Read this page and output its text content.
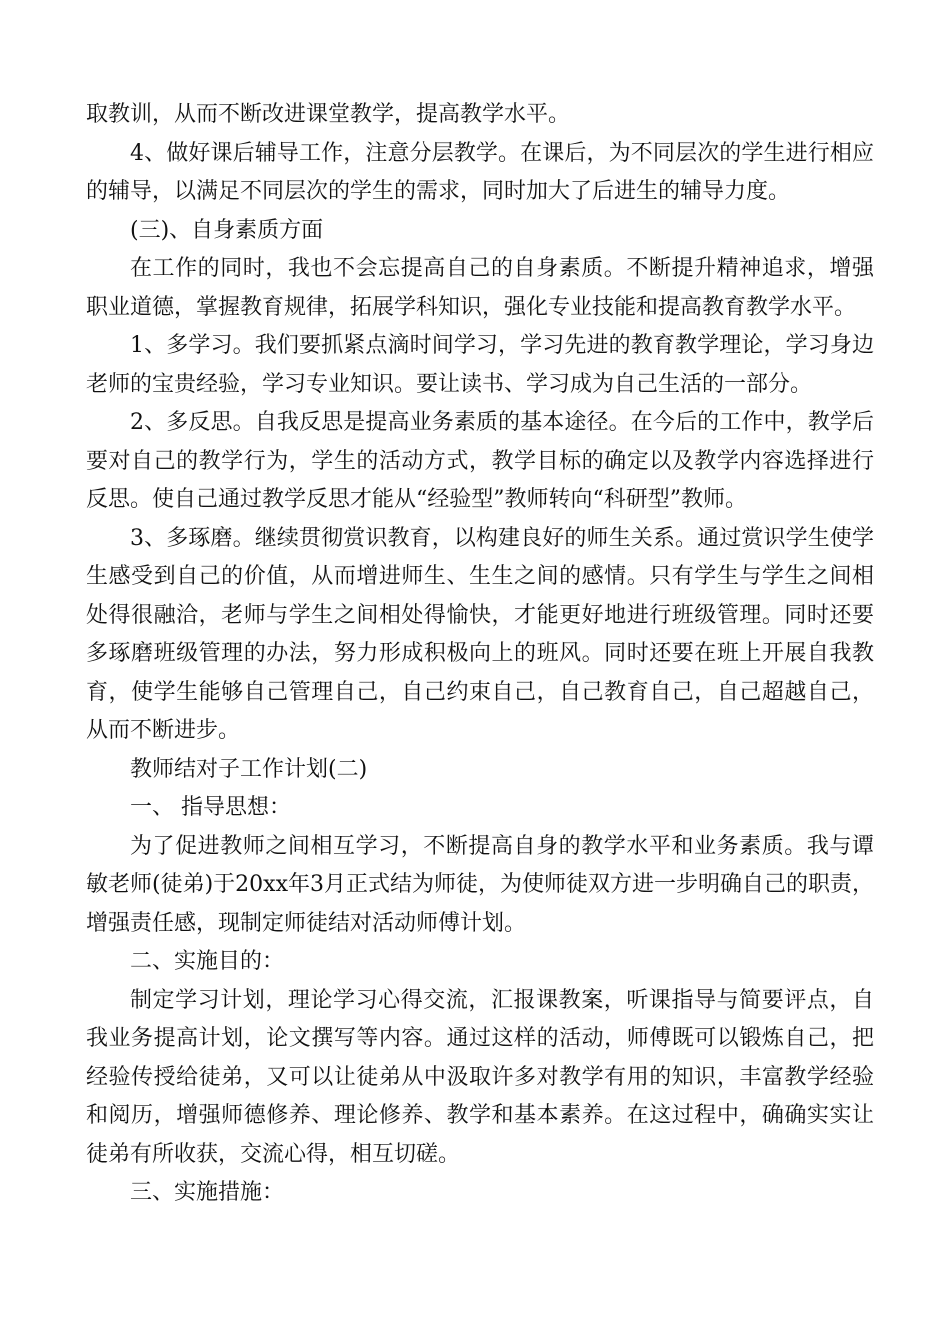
取教训，从而不断改进课堂教学，提高教学水平。

4、做好课后辅导工作，注意分层教学。在课后，为不同层次的学生进行相应的辅导，以满足不同层次的学生的需求，同时加大了后进生的辅导力度。

(三)、自身素质方面

在工作的同时，我也不会忘提高自己的自身素质。不断提升精神追求，增强职业道德，掌握教育规律，拓展学科知识，强化专业技能和提高教育教学水平。

1、多学习。我们要抓紧点滴时间学习，学习先进的教育教学理论，学习身边老师的宝贵经验，学习专业知识。要让读书、学习成为自己生活的一部分。

2、多反思。自我反思是提高业务素质的基本途径。在今后的工作中，教学后要对自己的教学行为，学生的活动方式，教学目标的确定以及教学内容选择进行反思。使自己通过教学反思才能从“经验型”教师转向“科研型”教师。

3、多琢磨。继续贯彻赏识教育，以构建良好的师生关系。通过赏识学生使学生感受到自己的价值，从而增进师生、生生之间的感情。只有学生与学生之间相处得很融洽，老师与学生之间相处得愉快，才能更好地进行班级管理。同时还要多琢磨班级管理的办法，努力形成积极向上的班风。同时还要在班上开展自我教育，使学生能够自己管理自己，自己约束自己，自己教育自己，自己超越自己，从而不断进步。

教师结对子工作计划(二)

一、 指导思想：

为了促进教师之间相互学习，不断提高自身的教学水平和业务素质。我与谭敏老师(徒弟)于20xx年3月正式结为师徒，为使师徒双方进一步明确自己的职责，增强责任感，现制定师徒结对活动师傅计划。

二、实施目的：

制定学习计划，理论学习心得交流，汇报课教案，听课指导与简要评点，自我业务提高计划，论文撰写等内容。通过这样的活动，师傅既可以锻炼自己，把经验传授给徒弟，又可以让徒弟从中汲取许多对教学有用的知识，丰富教学经验和阅历，增强师德修养、理论修养、教学和基本素养。在这过程中，确确实实让徒弟有所收获，交流心得，相互切磋。

三、实施措施：
